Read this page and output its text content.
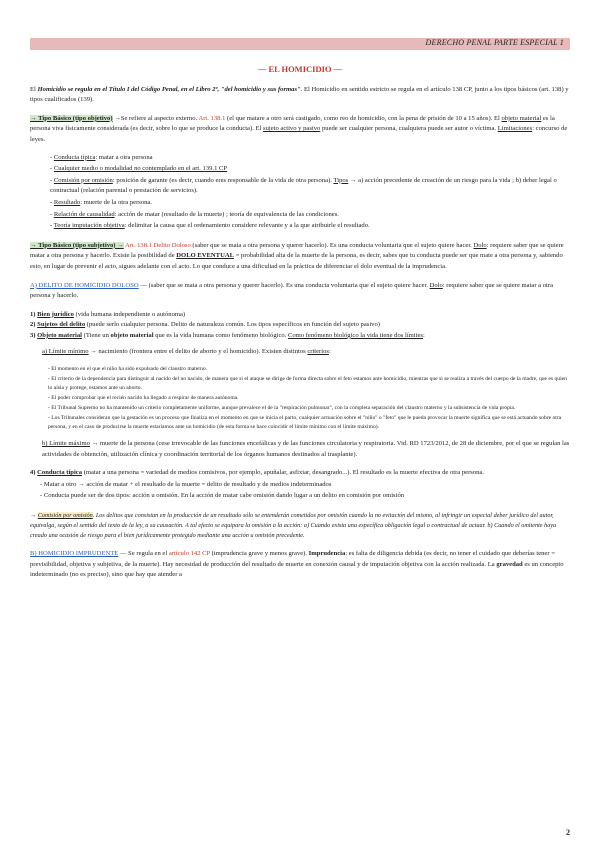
DERECHO PENAL PARTE ESPECIAL 1

— EL HOMICIDIO —

El Homicidio se regula en el Título I del Código Penal, en el Libro 2º, "del homicidio y sus formas". El Homicidio en sentido estricto se regula en el artículo 138 CP, junto a los tipos básicos (art. 138) y tipos cualificados (139).

→ Tipo Básico (tipo objetivo) →Se refiere al aspecto externo. Art. 138.1 (el que matare a otro será castigado, como reo de homicidio, con la pena de prisión de 10 a 15 años). El objeto material es la persona viva físicamente considerada (es decir, sobre lo que se produce la conducta). El sujeto activo y pasivo puede ser cualquier persona, cualquiera puede ser autor o víctima. Limitaciones: concurso de leyes.

- Conducta típica: matar a otra persona

- Cualquier medio o modalidad no contemplado en el art. 139.1 CP

- Comisión por omisión: posición de garante (es decir, cuando eres responsable de la vida de otra persona). Tipos → a) acción precedente de creación de un riesgo para la vida ; b) deber legal o contractual (relación parental o prestación de servicios).

- Resultado: muerte de la otra persona.

- Relación de causalidad: acción de matar (resultado de la muerte) ; teoría de equivalencia de las condiciones.

- Teoría imputación objetiva: delimitar la causa que el ordenamiento considere relevante y a la que atribuirle el resultado.

→ Tipo Básico (tipo subjetivo) → Art. 138.1 Delito Doloso (saber que se mata a otra persona y querer hacerlo). Es una conducta voluntaria que el sujeto quiere hacer. Dolo: requiere saber que se quiere matar a otra persona y hacerlo. Existe la posibilidad de DOLO EVENTUAL = probabilidad alta de la muerte de la persona, es decir, sabes que tu conducta puede ser que mate a otra persona y, sabiendo esto, en lugar de prevenir el acto, sigues adelante con el acto. Lo que conduce a una dificultad en la práctica de diferenciar el dolo eventual de la imprudencia.

A) DELITO DE HOMICIDIO DOLOSO — (saber que se mata a otra persona y querer hacerlo). Es una conducta voluntaria que el sujeto quiere hacer. Dolo: requiere saber que se quiere matar a otra persona y hacerlo.

1) Bien jurídico (vida humana independiente o autónoma)

2) Sujetos del delito (puede serlo cualquier persona. Delito de naturaleza común. Los tipos específicos en función del sujeto pasivo)

3) Objeto material (Tiene un objeto material que es la vida humana como fenómeno biológico. Como fenómeno biológico la vida tiene dos límites:

a) Límite mínimo → nacimiento (frontera entre el delito de aborto y el homicidio). Existen distintos criterios:

- El momento en el que el niño ha sido expulsado del claustro materno.

- El criterio de la dependencia para distinguir al nacido del no nacido, de manera que si el ataque se dirige de forma directa sobre el feto estamos ante homicidio, mientras que si se realiza a través del cuerpo de la madre, que es quien lo aísla y protege, estamos ante un aborto.

- El poder comprobar que el recién nacido ha llegado a respirar de manera autónoma.

- El Tribunal Supremo no ha mantenido un criterio completamente uniforme, aunque prevalece el de la "respiración pulmonar", con la completa separación del claustro materno y la subsistencia de vida propia.

- Los Tribunales consideran que la gestación es un proceso que finaliza en el momento en que se inicia el parto, cualquier actuación sobre el "niño" o "feto" que le pueda provocar la muerte significa que se está actuando sobre otra persona, y en el caso de producirse la muerte estaríamos ante un homicidio (de esta forma se hace coincidir el límite mínimo con el límite máximo).

b) Límite máximo → muerte de la persona (cese irrevocable de las funciones encefálicas y de las funciones circulatoria y respiratoria. Vid. RD 1723/2012, de 28 de diciembre, por el que se regulan las actividades de obtención, utilización clínica y coordinación territorial de los órganos humanos destinados al trasplante).

4) Conducta típica (matar a una persona = variedad de medios comisivos, por ejemplo, apuñalar, asfixiar, desangrado...). El resultado es la muerte efectiva de otra persona.

- Matar a otro → acción de matar + el resultado de la muerte = delito de resultado y de medios indeterminados

- Conducta puede ser de dos tipos: acción u omisión. En la acción de matar cabe omisión dando lugar a un delito en comisión por omisión

→ Comisión por omisión. Los delitos que consistan en la producción de un resultado sólo se entenderán cometidos por omisión cuando la no evitación del mismo, al infringir un especial deber jurídico del autor, equivalga, según el sentido del texto de la ley, a su causación. A tal efecto se equipara la omisión a la acción: a) Cuando exista una específica obligación legal o contractual de actuar. b) Cuando el omitente haya creado una ocasión de riesgo para el bien jurídicamente protegido mediante una acción u omisión precedente.

B) HOMICIDIO IMPRUDENTE — Se regula en el artículo 142 CP (imprudencia grave y menos grave). Imprudencia: es falta de diligencia debida (es decir, no tener el cuidado que deberías tener = previsibilidad, objetiva y subjetiva, de la muerte). Hay necesidad de producción del resultado de muerte en conexión causal y de imputación objetiva con la acción realizada. La gravedad es un concepto indeterminado (no es preciso), sino que hay que atender a

2
